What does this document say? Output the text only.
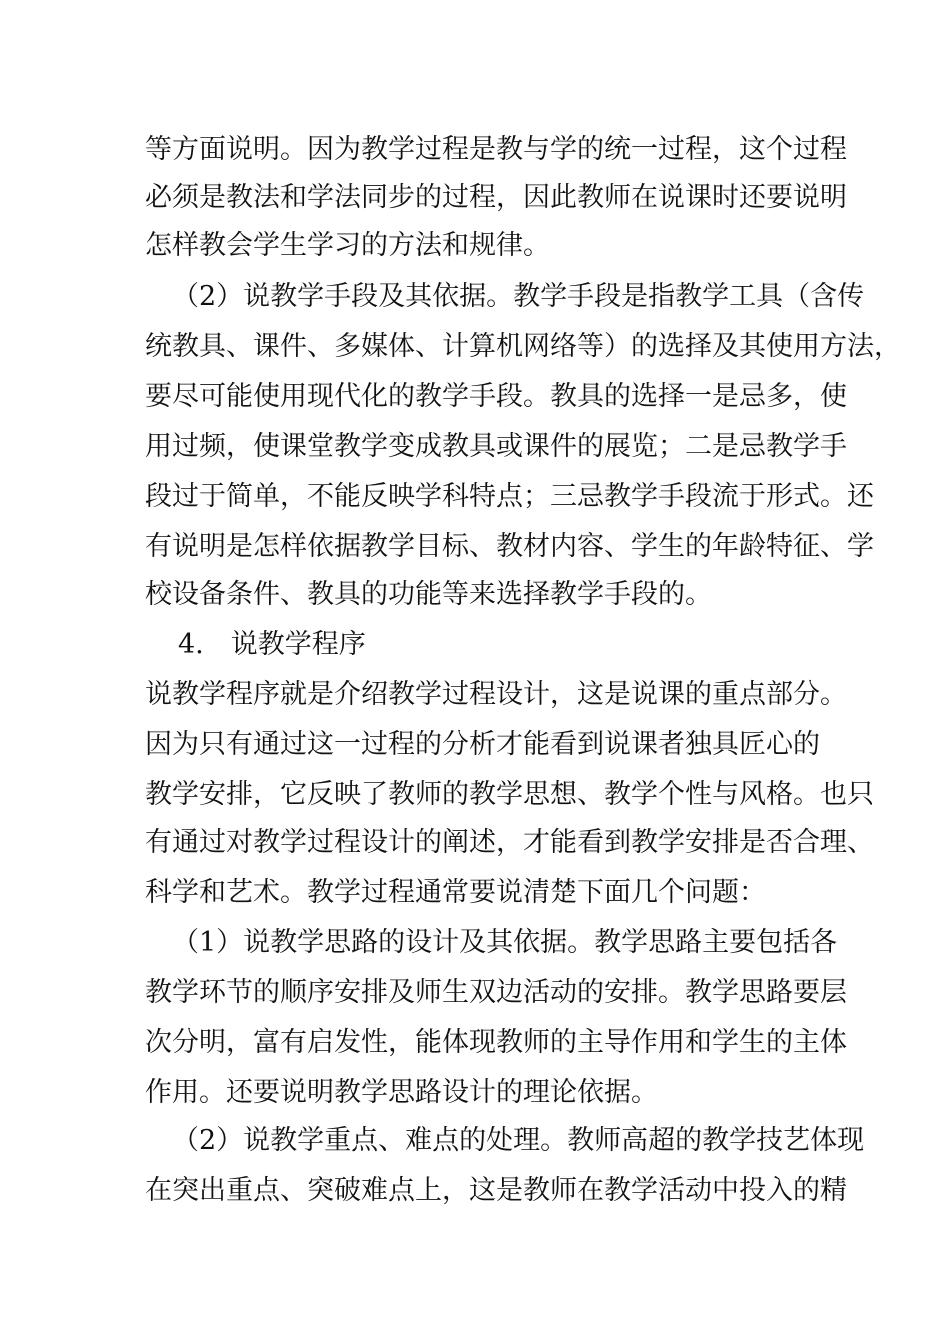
等方面说明。因为教学过程是教与学的统一过程，这个过程
必须是教法和学法同步的过程，因此教师在说课时还要说明
怎样教会学生学习的方法和规律。
（2）说教学手段及其依据。教学手段是指教学工具（含传
统教具、课件、多媒体、计算机网络等）的选择及其使用方法，
要尽可能使用现代化的教学手段。教具的选择一是忌多，使
用过频，使课堂教学变成教具或课件的展览；二是忌教学手
段过于简单，不能反映学科特点；三忌教学手段流于形式。还
有说明是怎样依据教学目标、教材内容、学生的年龄特征、学
校设备条件、教具的功能等来选择教学手段的。
4.　说教学程序
说教学程序就是介绍教学过程设计，这是说课的重点部分。
因为只有通过这一过程的分析才能看到说课者独具匠心的
教学安排，它反映了教师的教学思想、教学个性与风格。也只
有通过对教学过程设计的阐述，才能看到教学安排是否合理、
科学和艺术。教学过程通常要说清楚下面几个问题：
（1）说教学思路的设计及其依据。教学思路主要包括各
教学环节的顺序安排及师生双边活动的安排。教学思路要层
次分明，富有启发性，能体现教师的主导作用和学生的主体
作用。还要说明教学思路设计的理论依据。
（2）说教学重点、难点的处理。教师高超的教学技艺体现
在突出重点、突破难点上，这是教师在教学活动中投入的精
